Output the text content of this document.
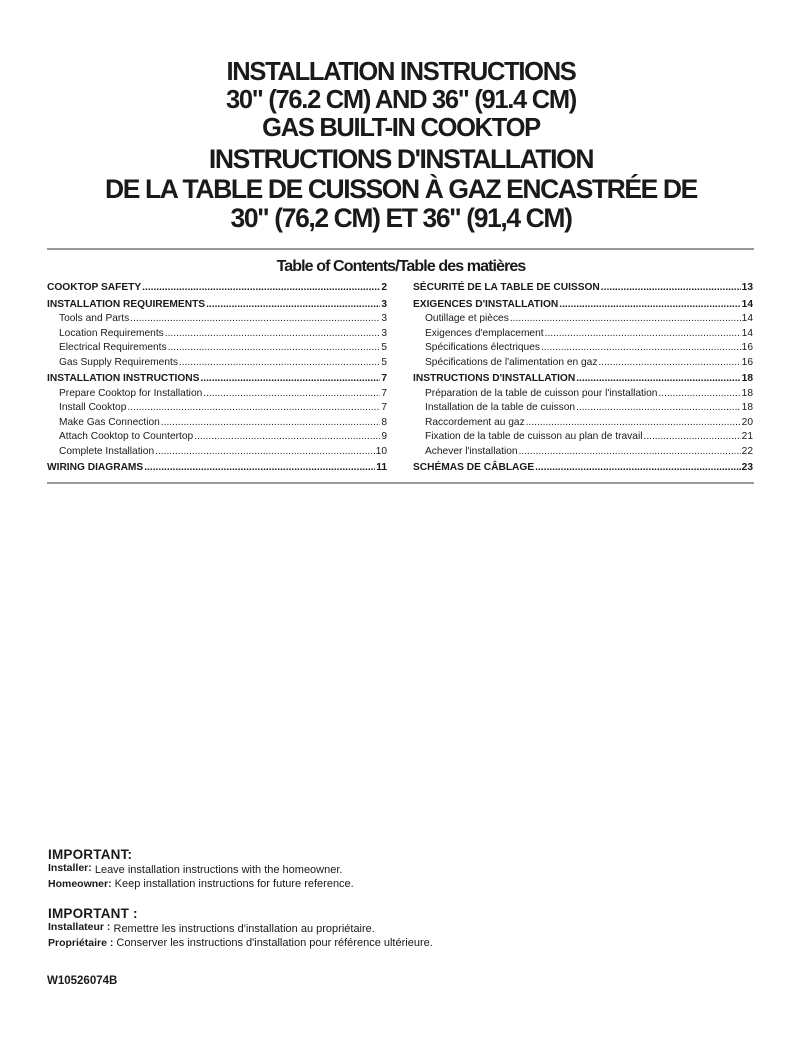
INSTALLATION INSTRUCTIONS
30" (76.2 CM) AND 36" (91.4 CM)
GAS BUILT-IN COOKTOP
INSTRUCTIONS D'INSTALLATION
DE LA TABLE DE CUISSON À GAZ ENCASTRÉE DE
30" (76,2 CM) ET 36" (91,4 CM)
Table of Contents/Table des matières
COOKTOP SAFETY .....	2
INSTALLATION REQUIREMENTS .....	3
Tools and Parts .....	3
Location Requirements .....	3
Electrical Requirements .....	5
Gas Supply Requirements .....	5
INSTALLATION INSTRUCTIONS .....	7
Prepare Cooktop for Installation .....	7
Install Cooktop .....	7
Make Gas Connection .....	8
Attach Cooktop to Countertop .....	9
Complete Installation .....	10
WIRING DIAGRAMS .....	11
SÉCURITÉ DE LA TABLE DE CUISSON .....	13
EXIGENCES D'INSTALLATION .....	14
Outillage et pièces .....	14
Exigences d'emplacement .....	14
Spécifications électriques .....	16
Spécifications de l'alimentation en gaz .....	16
INSTRUCTIONS D'INSTALLATION .....	18
Préparation de la table de cuisson pour l'installation .....	18
Installation de la table de cuisson .....	18
Raccordement au gaz .....	20
Fixation de la table de cuisson au plan de travail .....	21
Achever l'installation .....	22
SCHÉMAS DE CÂBLAGE .....	23
IMPORTANT:
Installer: Leave installation instructions with the homeowner.
Homeowner: Keep installation instructions for future reference.
IMPORTANT :
Installateur : Remettre les instructions d'installation au propriétaire.
Propriétaire : Conserver les instructions d'installation pour référence ultérieure.
W10526074B
